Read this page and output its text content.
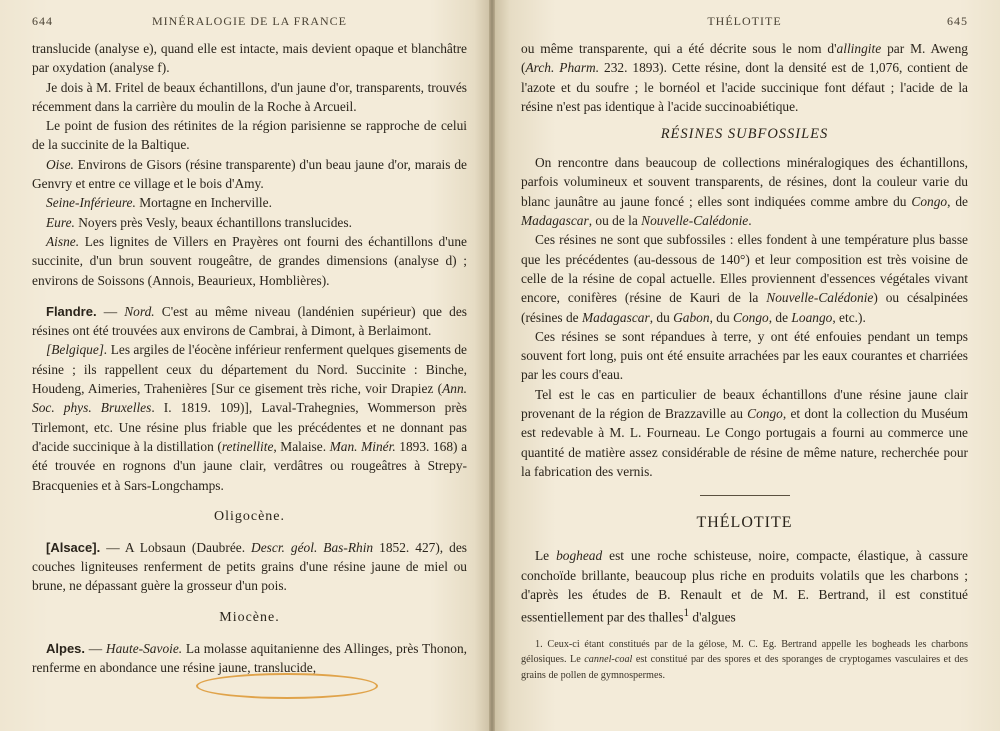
644	MINÉRALOGIE DE LA FRANCE

translucide (analyse e), quand elle est intacte, mais devient opaque et blanchâtre par oxydation (analyse f).

Je dois à M. Fritel de beaux échantillons, d'un jaune d'or, transparents, trouvés récemment dans la carrière du moulin de la Roche à Arcueil.

Le point de fusion des rétinites de la région parisienne se rapproche de celui de la succinite de la Baltique.

Oise. Environs de Gisors (résine transparente) d'un beau jaune d'or, marais de Genvry et entre ce village et le bois d'Amy.

Seine-Inférieure. Mortagne en Incherville.

Eure. Noyers près Vesly, beaux échantillons translucides.

Aisne. Les lignites de Villers en Prayères ont fourni des échantillons d'une succinite, d'un brun souvent rougeâtre, de grandes dimensions (analyse d) ; environs de Soissons (Annois, Beaurieux, Homblières).

Flandre. — Nord. C'est au même niveau (landénien supérieur) que des résines ont été trouvées aux environs de Cambrai, à Dimont, à Berlaimont.

[Belgique]. Les argiles de l'éocène inférieur renferment quelques gisements de résine ; ils rappellent ceux du département du Nord. Succinite : Binche, Houdeng, Aimeries, Trahenières [Sur ce gisement très riche, voir Drapiez (Ann. Soc. phys. Bruxelles. I. 1819. 109)], Laval-Trahegnies, Wommerson près Tirlemont, etc. Une résine plus friable que les précédentes et ne donnant pas d'acide succinique à la distillation (retinellite, Malaise. Man. Minér. 1893. 168) a été trouvée en rognons d'un jaune clair, verdâtres ou rougeâtres à Strepy-Bracquenies et à Sars-Longchamps.

Oligocène.

[Alsace]. — A Lobsaun (Daubrée. Descr. géol. Bas-Rhin 1852. 427), des couches ligniteuses renferment de petits grains d'une résine jaune de miel ou brune, ne dépassant guère la grosseur d'un pois.

Miocène.

Alpes. — Haute-Savoie. La molasse aquitanienne des Allinges, près Thonon, renferme en abondance une résine jaune, translucide,

THÉLOTITE	645

ou même transparente, qui a été décrite sous le nom d'allingite par M. Aweng (Arch. Pharm. 232. 1893). Cette résine, dont la densité est de 1,076, contient de l'azote et du soufre ; le bornéol et l'acide succinique font défaut ; l'acide de la résine n'est pas identique à l'acide succinoabiétique.

RÉSINES SUBFOSSILES

On rencontre dans beaucoup de collections minéralogiques des échantillons, parfois volumineux et souvent transparents, de résines, dont la couleur varie du blanc jaunâtre au jaune foncé ; elles sont indiquées comme ambre du Congo, de Madagascar, ou de la Nouvelle-Calédonie.

Ces résines ne sont que subfossiles : elles fondent à une température plus basse que les précédentes (au-dessous de 140°) et leur composition est très voisine de celle de la résine de copal actuelle. Elles proviennent d'essences végétales vivant encore, conifères (résine de Kauri de la Nouvelle-Calédonie) ou césalpinées (résines de Madagascar, du Gabon, du Congo, de Loango, etc.).

Ces résines se sont répandues à terre, y ont été enfouies pendant un temps souvent fort long, puis ont été ensuite arrachées par les eaux courantes et charriées par les cours d'eau.

Tel est le cas en particulier de beaux échantillons d'une résine jaune clair provenant de la région de Brazzaville au Congo, et dont la collection du Muséum est redevable à M. L. Fourneau. Le Congo portugais a fourni au commerce une quantité de matière assez considérable de résine de même nature, recherchée pour la fabrication des vernis.

THÉLOTITE

Le boghead est une roche schisteuse, noire, compacte, élastique, à cassure conchoïde brillante, beaucoup plus riche en produits volatils que les charbons ; d'après les études de B. Renault et de M. E. Bertrand, il est constitué essentiellement par des thalles$^1$ d'algues

1. Ceux-ci étant constitués par de la gélose, M. C. Eg. Bertrand appelle les bogheads les charbons gélosiques. Le cannel-coal est constitué par des spores et des sporanges de cryptogames vasculaires et des grains de pollen de gymnospermes.
